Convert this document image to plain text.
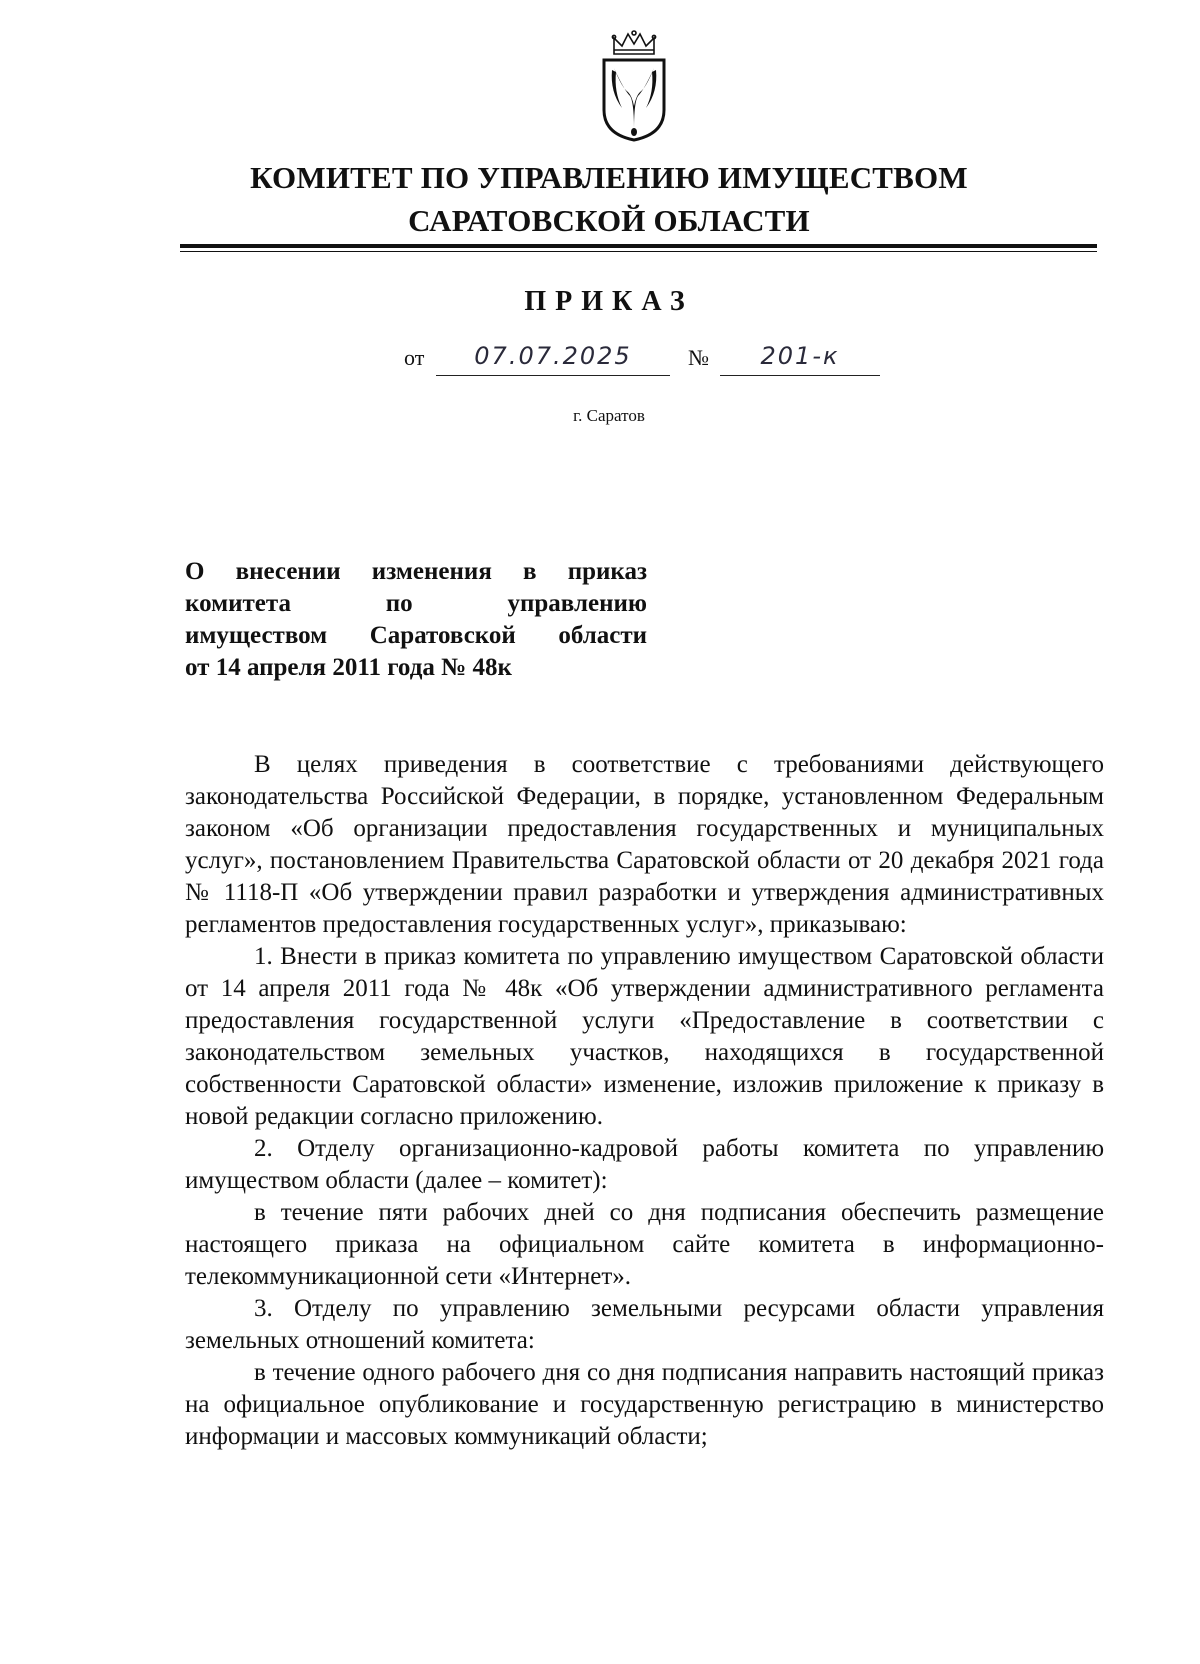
КОМИТЕТ ПО УПРАВЛЕНИЮ ИМУЩЕСТВОМ
САРАТОВСКОЙ ОБЛАСТИ
ПРИКАЗ
от	07.07.2025	№	201-к
г. Саратов
О внесении изменения в приказ
комитета по управлению
имуществом Саратовской области
от 14 апреля 2011 года № 48к

В целях приведения в соответствие с требованиями действующего законодательства Российской Федерации, в порядке, установленном Федеральным законом «Об организации предоставления государственных и муниципальных услуг», постановлением Правительства Саратовской области от 20 декабря 2021 года № 1118-П «Об утверждении правил разработки и утверждения административных регламентов предоставления государственных услуг», приказываю:

1. Внести в приказ комитета по управлению имуществом Саратовской области от 14 апреля 2011 года № 48к «Об утверждении административного регламента предоставления государственной услуги «Предоставление в соответствии с законодательством земельных участков, находящихся в государственной собственности Саратовской области» изменение, изложив приложение к приказу в новой редакции согласно приложению.

2. Отделу организационно-кадровой работы комитета по управлению имуществом области (далее – комитет):

в течение пяти рабочих дней со дня подписания обеспечить размещение настоящего приказа на официальном сайте комитета в информационно-телекоммуникационной сети «Интернет».

3. Отделу по управлению земельными ресурсами области управления земельных отношений комитета:

в течение одного рабочего дня со дня подписания направить настоящий приказ на официальное опубликование и государственную регистрацию в министерство информации и массовых коммуникаций области;
